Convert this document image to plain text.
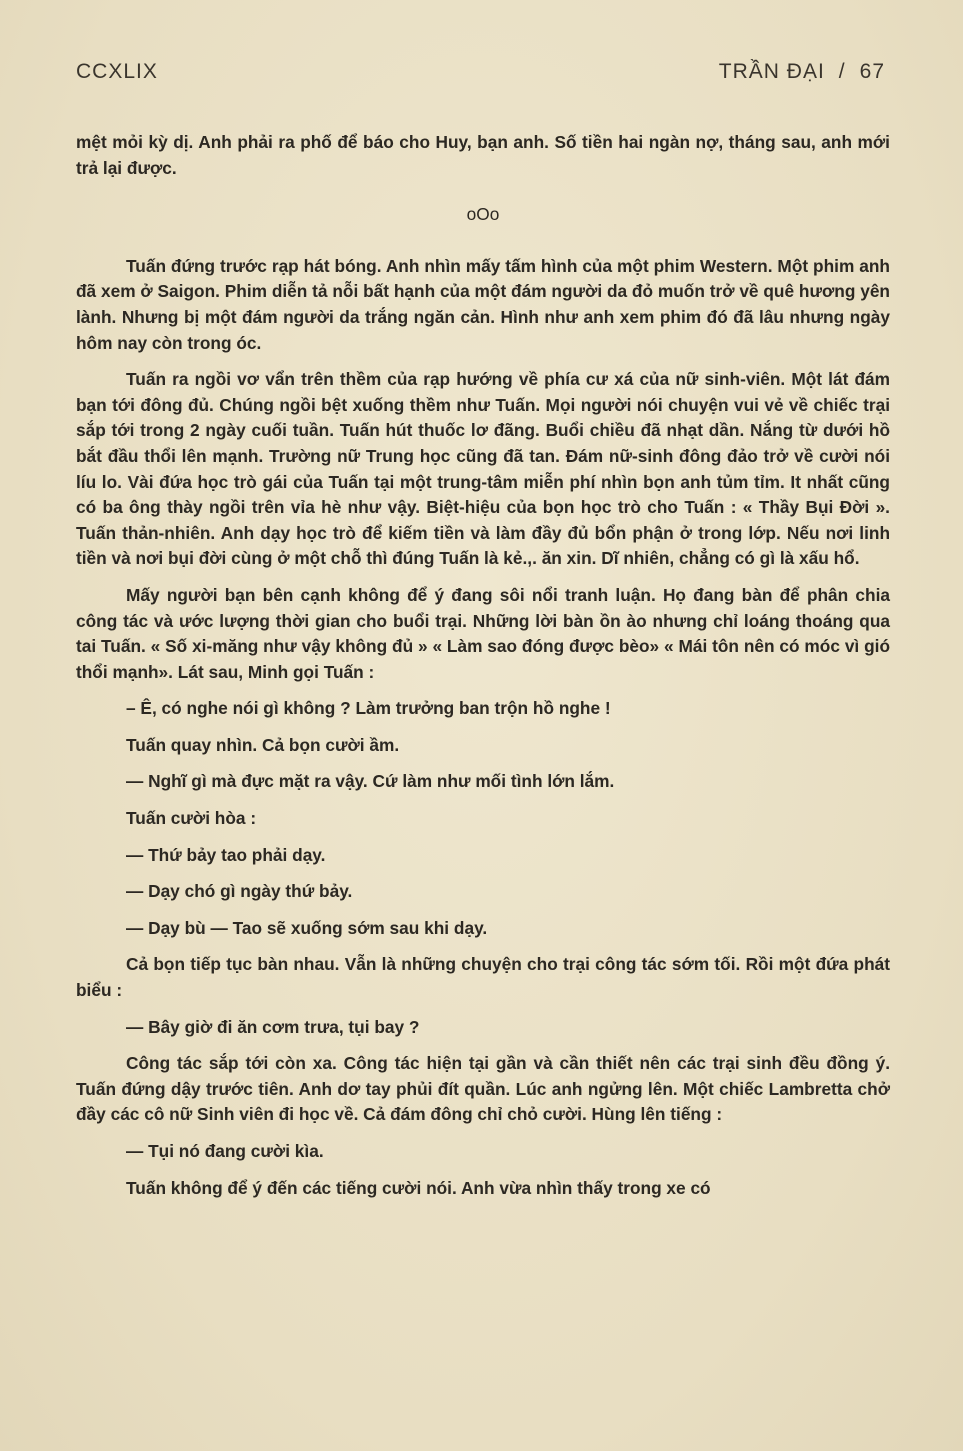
CCXLIX	TRẦN ĐẠI / 67

mệt mỏi kỳ dị. Anh phải ra phố để báo cho Huy, bạn anh. Số tiền hai ngàn nợ, tháng sau, anh mới trả lại được.

oOo

Tuấn đứng trước rạp hát bóng. Anh nhìn mấy tấm hình của một phim Western. Một phim anh đã xem ở Saigon. Phim diễn tả nỗi bất hạnh của một đám người da đỏ muốn trở về quê hương yên lành. Nhưng bị một đám người da trắng ngăn cản. Hình như anh xem phim đó đã lâu nhưng ngày hôm nay còn trong óc.

Tuấn ra ngồi vơ vẩn trên thềm của rạp hướng về phía cư xá của nữ sinh-viên. Một lát đám bạn tới đông đủ. Chúng ngồi bệt xuống thềm như Tuấn. Mọi người nói chuyện vui vẻ về chiếc trại sắp tới trong 2 ngày cuối tuần. Tuấn hút thuốc lơ đãng. Buổi chiều đã nhạt dần. Nắng từ dưới hồ bắt đầu thổi lên mạnh. Trường nữ Trung học cũng đã tan. Đám nữ-sinh đông đảo trở về cười nói líu lo. Vài đứa học trò gái của Tuấn tại một trung-tâm miễn phí nhìn bọn anh tủm tỉm. It nhất cũng có ba ông thày ngồi trên vỉa hè như vậy. Biệt-hiệu của bọn học trò cho Tuấn : « Thầy Bụi Đời ». Tuấn thản-nhiên. Anh dạy học trò để kiếm tiền và làm đầy đủ bổn phận ở trong lớp. Nếu nơi linh tiền và nơi bụi đời cùng ở một chỗ thì đúng Tuấn là kẻ.,. ăn xin. Dĩ nhiên, chẳng có gì là xấu hổ.

Mấy người bạn bên cạnh không để ý đang sôi nổi tranh luận. Họ đang bàn để phân chia công tác và ước lượng thời gian cho buổi trại. Những lời bàn ồn ào nhưng chỉ loáng thoáng qua tai Tuấn. « Số xi-măng như vậy không đủ » « Làm sao đóng được bèo» « Mái tôn nên có móc vì gió thổi mạnh». Lát sau, Minh gọi Tuấn :

– Ê, có nghe nói gì không ? Làm trưởng ban trộn hồ nghe !

Tuấn quay nhìn. Cả bọn cười ầm.

— Nghĩ gì mà đực mặt ra vậy. Cứ làm như mối tình lớn lắm.

Tuấn cười hòa :

— Thứ bảy tao phải dạy.

— Dạy chó gì ngày thứ bảy.

— Dạy bù — Tao sẽ xuống sớm sau khi dạy.

Cả bọn tiếp tục bàn nhau. Vẫn là những chuyện cho trại công tác sớm tối. Rồi một đứa phát biểu :

— Bây giờ đi ăn cơm trưa, tụi bay ?

Công tác sắp tới còn xa. Công tác hiện tại gần và cần thiết nên các trại sinh đều đồng ý. Tuấn đứng dậy trước tiên. Anh dơ tay phủi đít quần. Lúc anh ngửng lên. Một chiếc Lambretta chở đầy các cô nữ Sinh viên đi học về. Cả đám đông chỉ chỏ cười. Hùng lên tiếng :

— Tụi nó đang cười kìa.

Tuấn không để ý đến các tiếng cười nói. Anh vừa nhìn thấy trong xe có
